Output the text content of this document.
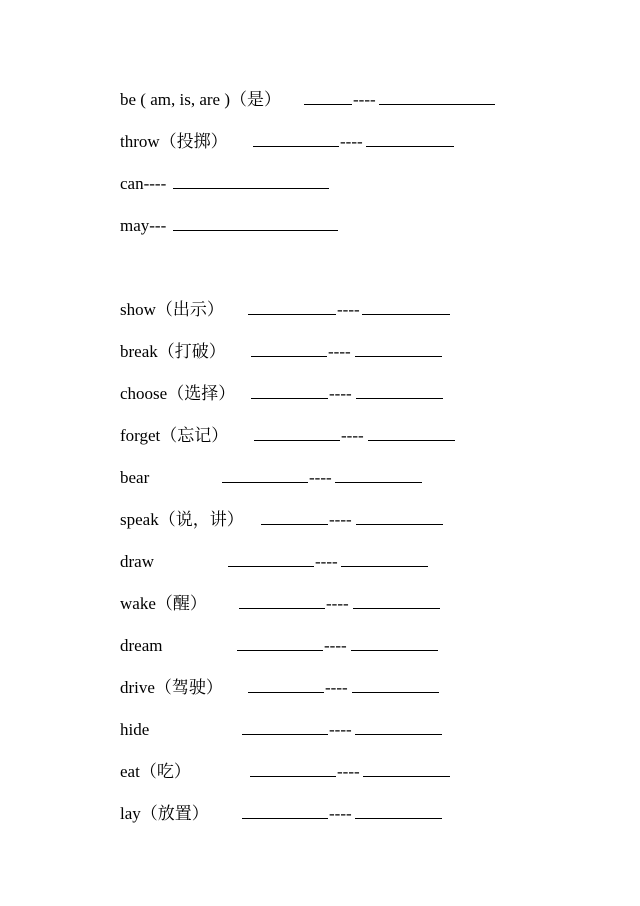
be ( am, is, are )（是）	----
throw（投掷）	----
can----
may---
show（出示）	----
break（打破）	----
choose（选择）	----
forget（忘记）	----
bear	----
speak（说，讲）	----
draw	----
wake（醒）	----
dream	----
drive（驾驶）	----
hide	----
eat（吃）	----
lay（放置）	----
